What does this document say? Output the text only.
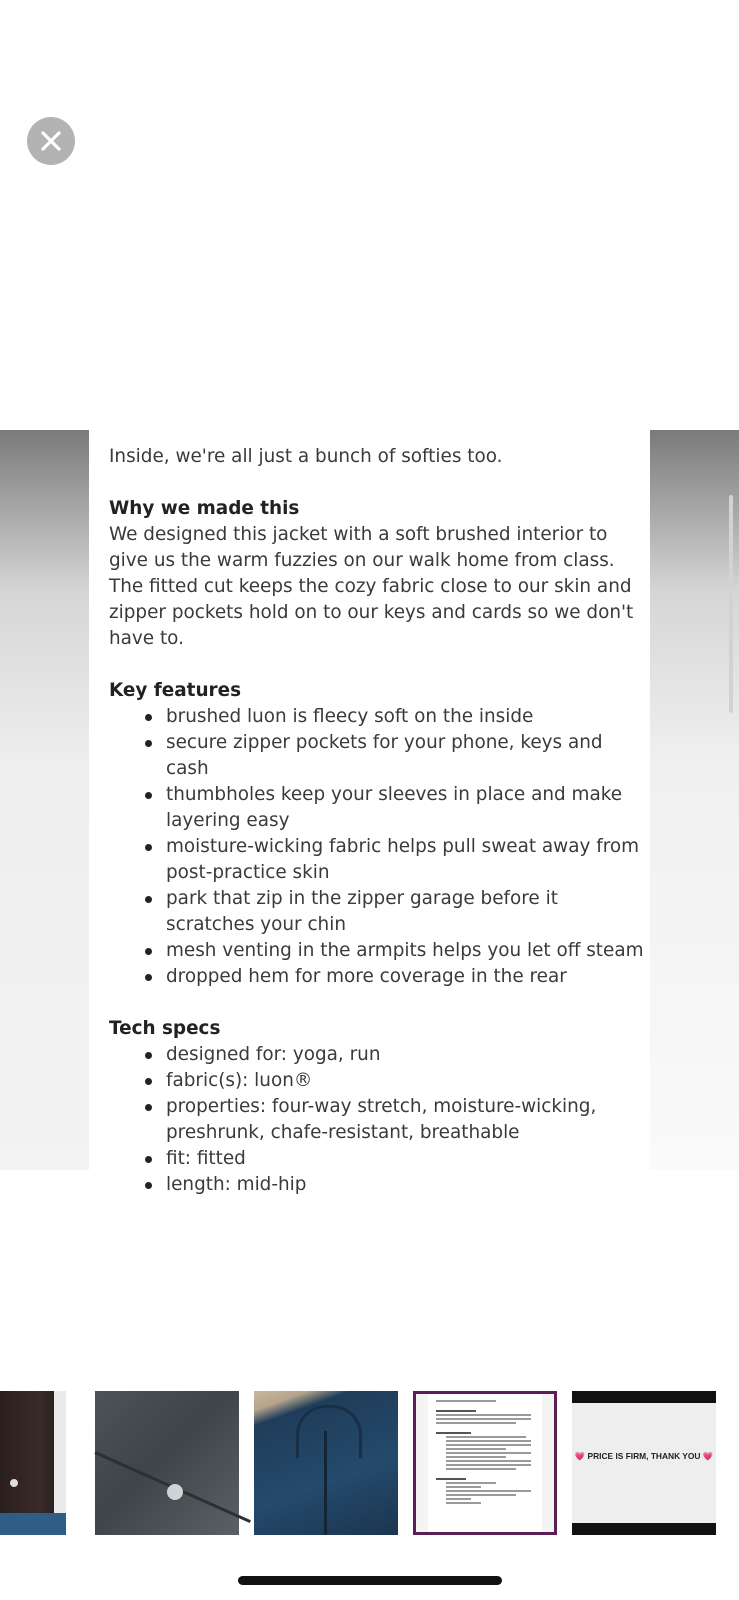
Inside, we're all just a bunch of softies too.

Why we made this

We designed this jacket with a soft brushed interior to give us the warm fuzzies on our walk home from class. The fitted cut keeps the cozy fabric close to our skin and zipper pockets hold on to our keys and cards so we don't have to.

Key features

brushed luon is fleecy soft on the inside
secure zipper pockets for your phone, keys and cash
thumbholes keep your sleeves in place and make layering easy
moisture-wicking fabric helps pull sweat away from post-practice skin
park that zip in the zipper garage before it scratches your chin
mesh venting in the armpits helps you let off steam
dropped hem for more coverage in the rear

Tech specs

designed for: yoga, run
fabric(s): luon®
properties: four-way stretch, moisture-wicking, preshrunk, chafe-resistant, breathable
fit: fitted
length: mid-hip
💗 PRICE IS FIRM, THANK YOU 💗
